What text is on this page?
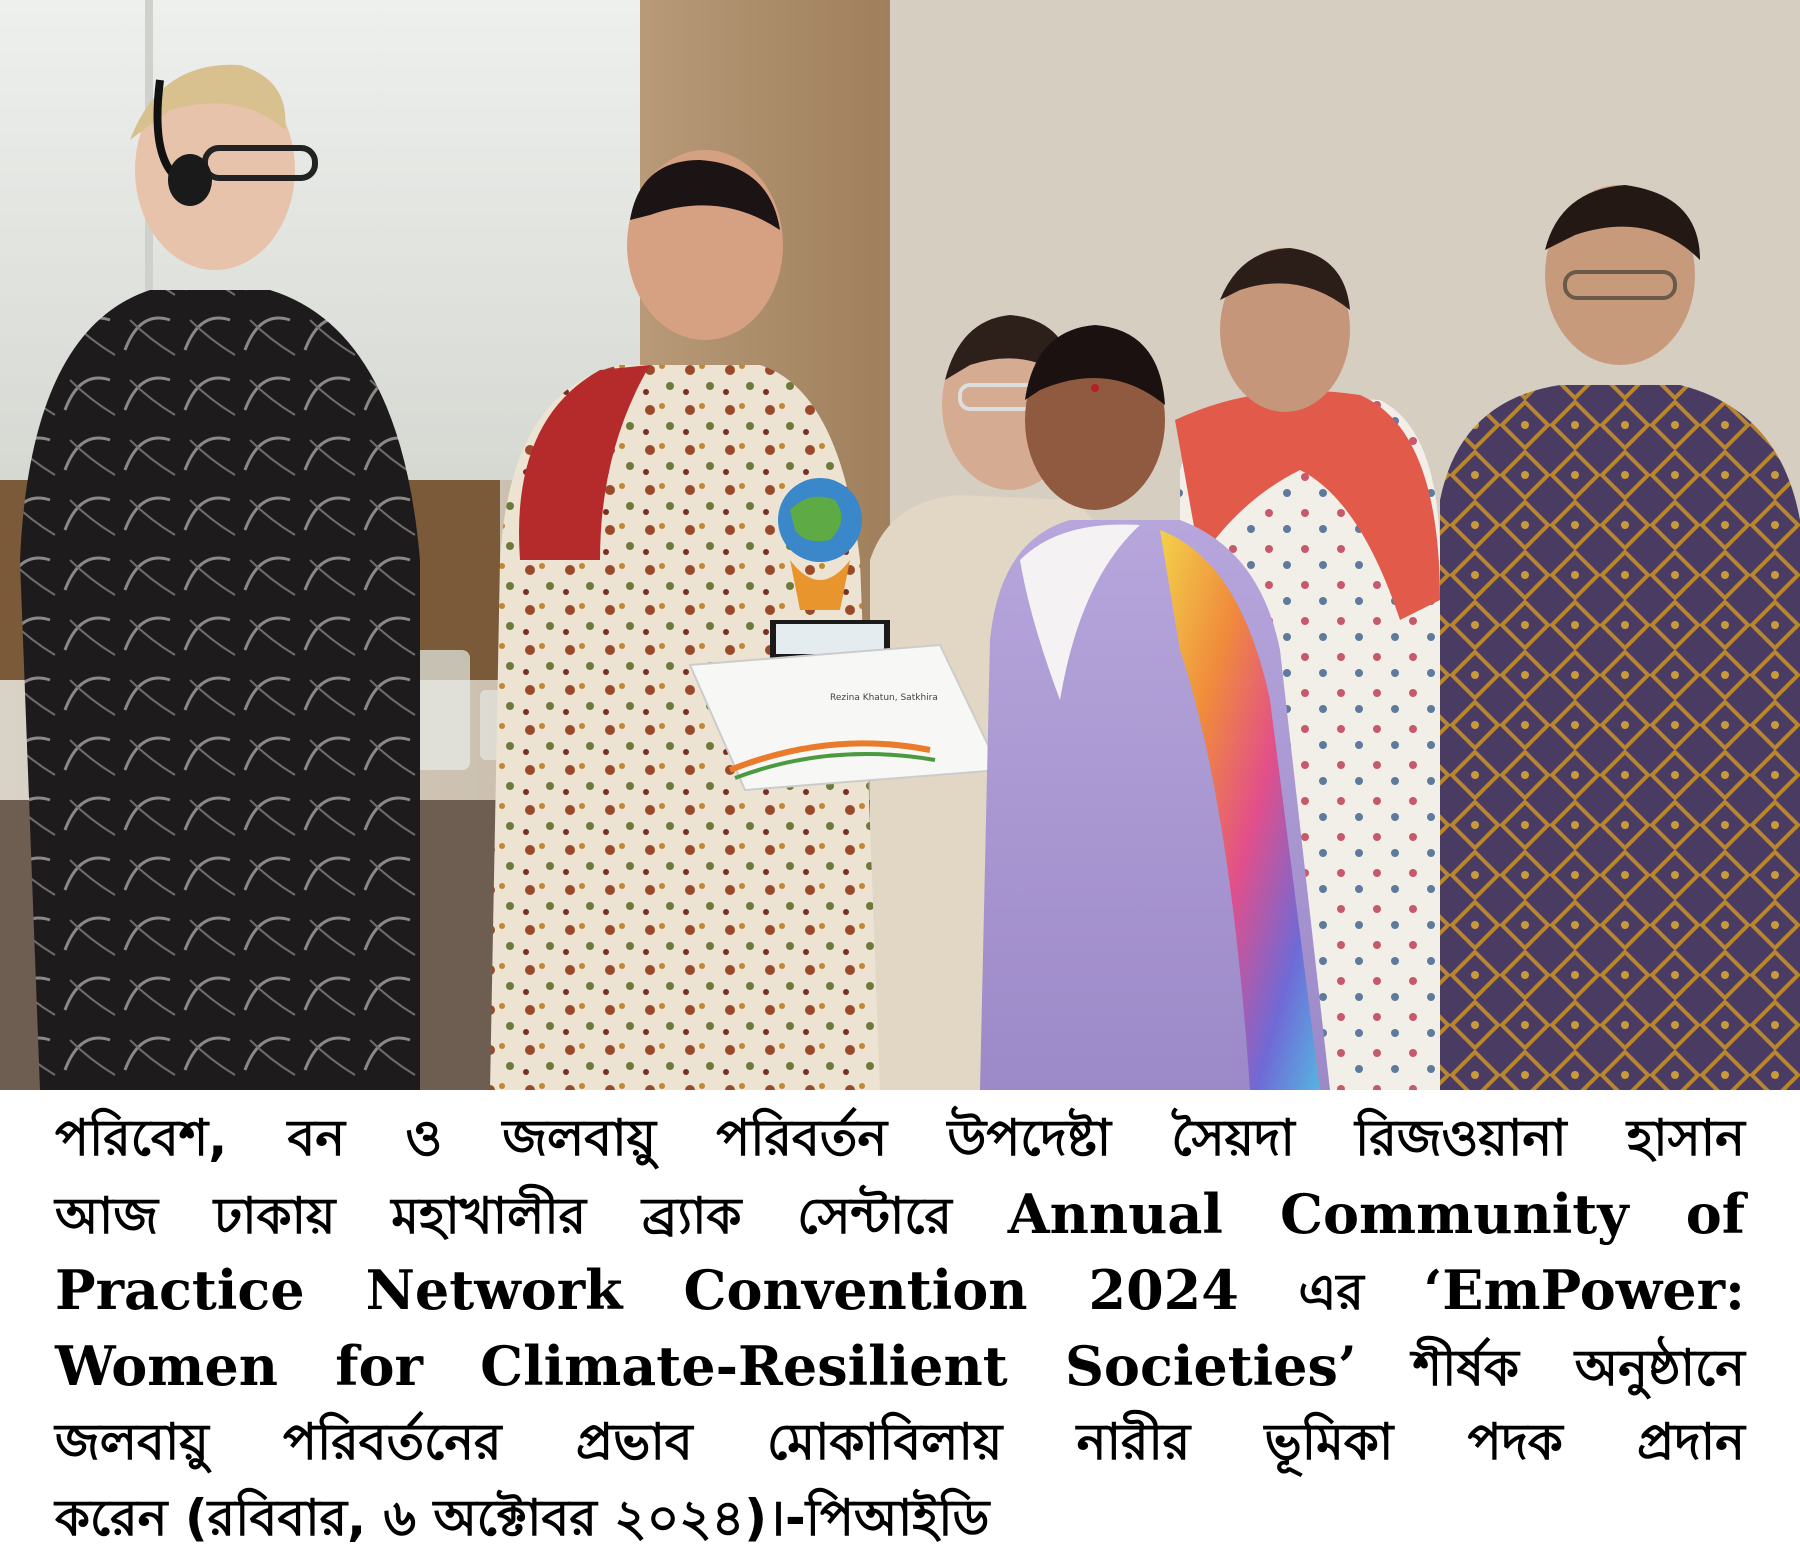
Rezina Khatun, Satkhira
পরিবেশ, বন ও জলবায়ু পরিবর্তন উপদেষ্টা সৈয়দা রিজওয়ানা হাসান
আজ ঢাকায় মহাখালীর ব্র্যাক সেন্টারে Annual Community of
Practice Network Convention 2024 এর ‘EmPower:
Women for Climate-Resilient Societies’ শীর্ষক অনুষ্ঠানে
জলবায়ু পরিবর্তনের প্রভাব মোকাবিলায় নারীর ভূমিকা পদক প্রদান
করেন (রবিবার, ৬ অক্টোবর ২০২৪)।-পিআইডি
